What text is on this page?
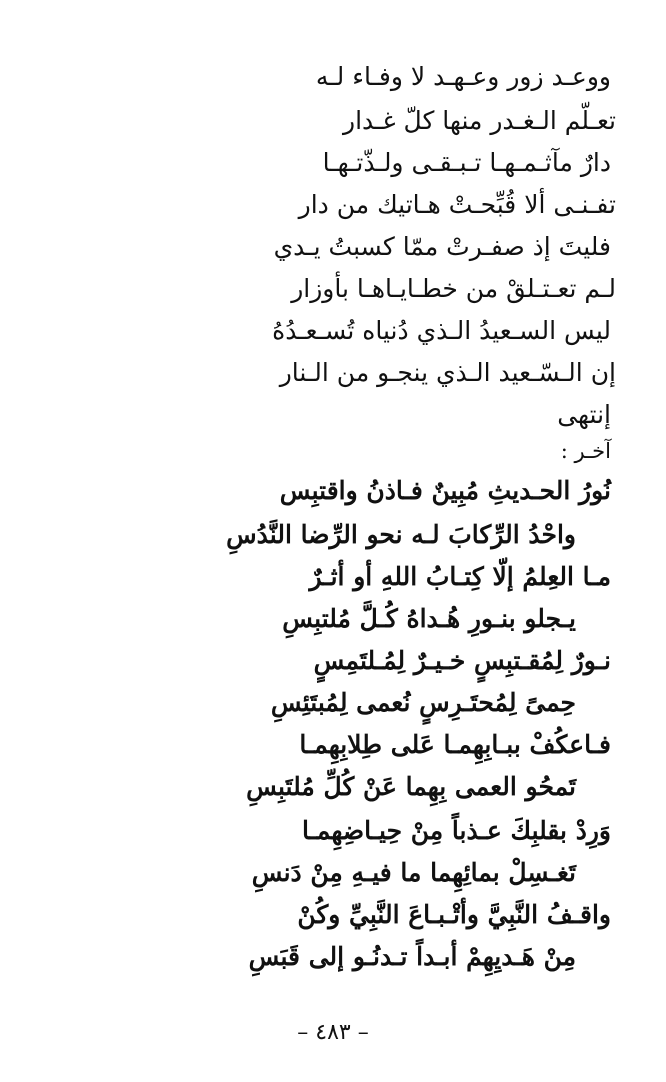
ووعـد زور وعـهـد لا وفـاء لـه
تعـلّم الـغـدر منها كلّ غـدار
دارٌ مآثـمـهـا تـبـقـى ولـذّتـهـا
تفـنـى ألا قُبِّحـتْ هـاتيك من دار
فليتَ إذ صفـرتْ ممّا كسبتُ يـدي
لـم تعـتـلقْ من خطـايـاهـا بأوزار
ليس السـعيدُ الـذي دُنياه تُسـعـدُهُ
إن الـسّـعيد الـذي ينجـو من الـنار
إنتهى
آخـر :
نُورُ الحـديثِ مُبِينٌ فـاذنُ واقتبِس
واحْدُ الرِّكابَ لـه نحو الرِّضا النَّدُسِ
مـا العِلمُ إلّا كِتـابُ اللهِ أو أثـرٌ
يـجلو بنـورِ هُـداهُ كُـلَّ مُلتبِسِ
نـورٌ لِمُقـتبِسٍ خـيـرٌ لِمُـلتَمِسٍ
حِمىً لِمُحتَـرِسٍ نُعمى لِمُبتَئِسِ
فـاعكُفْ ببـابِهِمـا عَلى طِلابِهِمـا
تَمحُو العمى بِهِما عَنْ كُلِّ مُلتَبِسِ
وَرِدْ بقلبِكَ عـذباً مِنْ حِيـاضِهِمـا
تَغـسِلْ بمائِهِما ما فيـهِ مِنْ دَنسِ
واقـفُ النَّبِيَّ وأتْـبـاعَ النَّبِيِّ وكُنْ
مِنْ هَـديِهِمْ أبـداً تـدنُـو إلى قَبَسِ
– ٤٨٣ –
